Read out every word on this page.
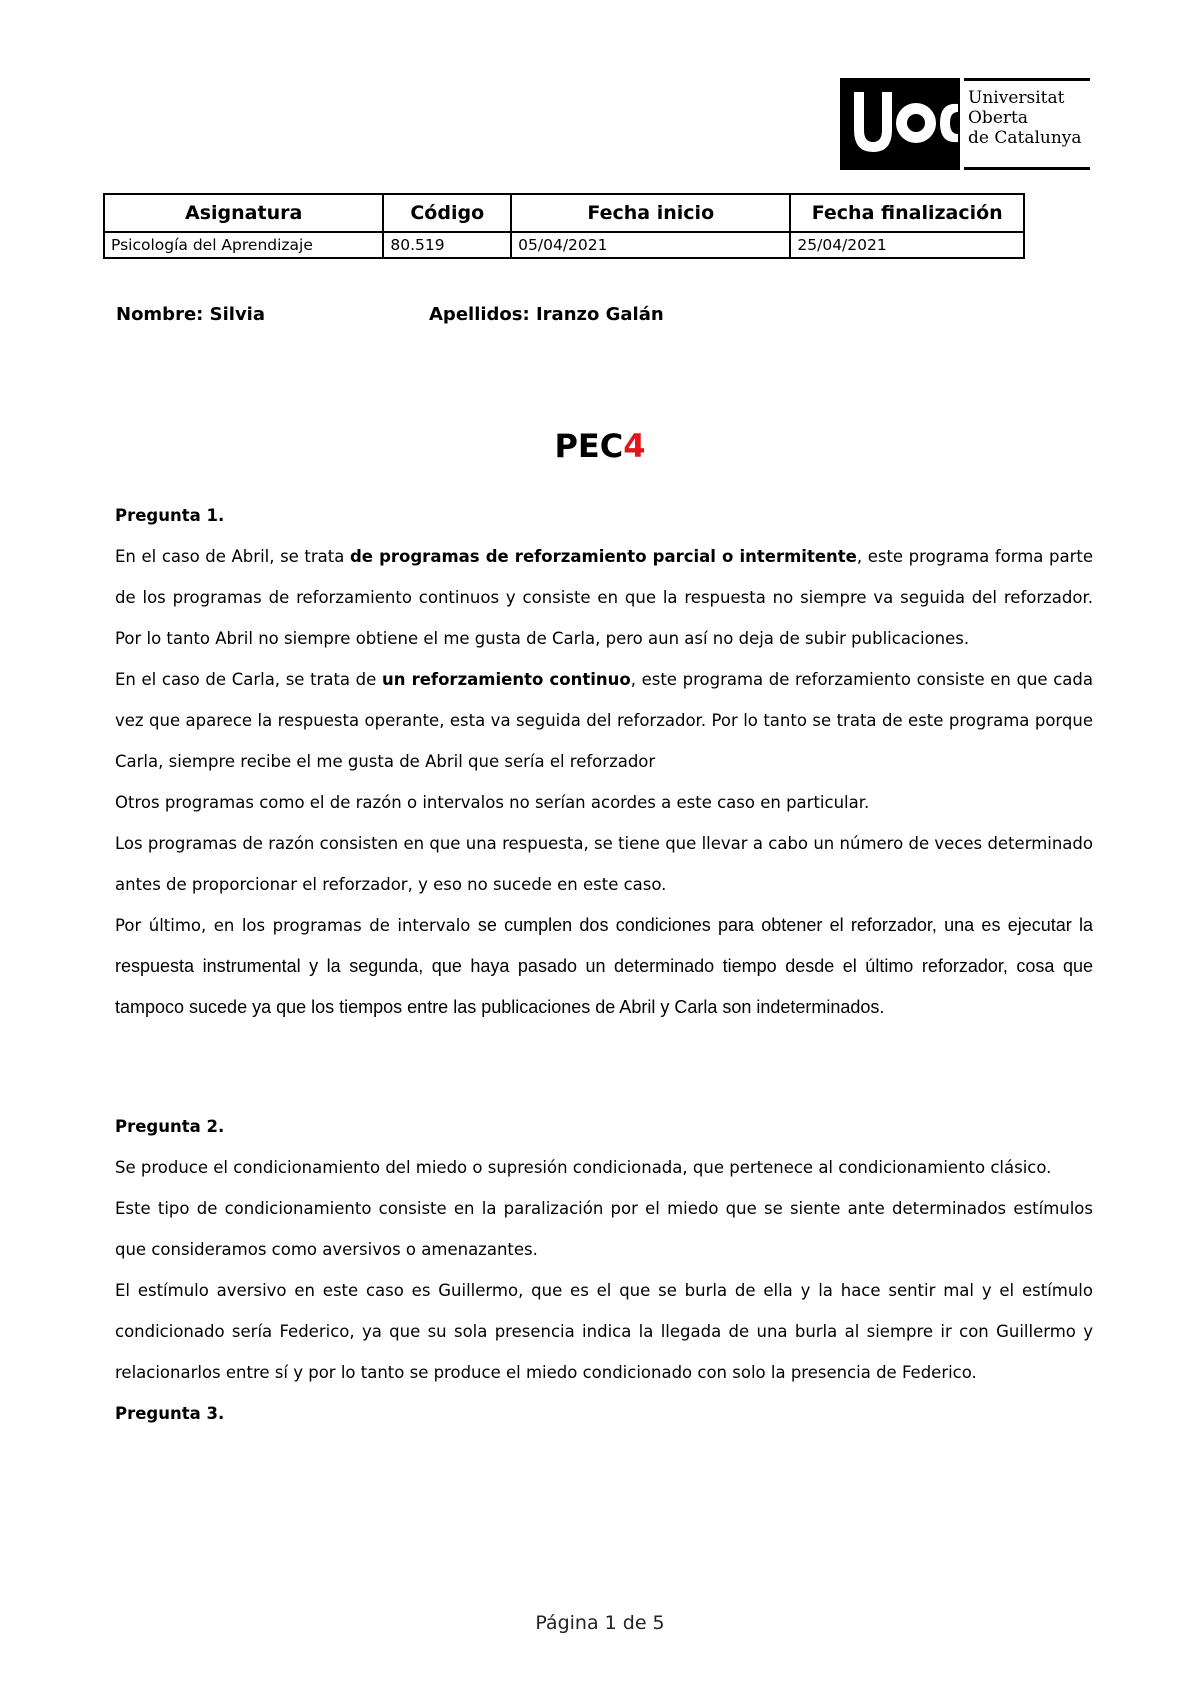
Universitat
Oberta
de Catalunya
Asignatura	Código	Fecha inicio	Fecha finalización
Psicología del Aprendizaje	80.519	05/04/2021	25/04/2021
Nombre: Silvia	Apellidos: Iranzo Galán
PEC4

Pregunta 1.

En el caso de Abril, se trata de programas de reforzamiento parcial o intermitente, este programa forma parte de los programas de reforzamiento continuos y consiste en que la respuesta no siempre va seguida del reforzador. Por lo tanto Abril no siempre obtiene el me gusta de Carla, pero aun así no deja de subir publicaciones.

En el caso de Carla, se trata de un reforzamiento continuo, este programa de reforzamiento consiste en que cada vez que aparece la respuesta operante, esta va seguida del reforzador. Por lo tanto se trata de este programa porque Carla, siempre recibe el me gusta de Abril que sería el reforzador

Otros programas como el de razón o intervalos no serían acordes a este caso en particular.

Los programas de razón consisten en que una respuesta, se tiene que llevar a cabo un número de veces determinado antes de proporcionar el reforzador, y eso no sucede en este caso.

Por último, en los programas de intervalo se cumplen dos condiciones para obtener el reforzador, una es ejecutar la respuesta instrumental y la segunda, que haya pasado un determinado tiempo desde el último reforzador, cosa que tampoco sucede ya que los tiempos entre las publicaciones de Abril y Carla son indeterminados.

Pregunta 2.

Se produce el condicionamiento del miedo o supresión condicionada, que pertenece al condicionamiento clásico.

Este tipo de condicionamiento consiste en la paralización por el miedo que se siente ante determinados estímulos que consideramos como aversivos o amenazantes.

El estímulo aversivo en este caso es Guillermo, que es el que se burla de ella y la hace sentir mal y el estímulo condicionado sería Federico, ya que su sola presencia indica la llegada de una burla al siempre ir con Guillermo y relacionarlos entre sí y por lo tanto se produce el miedo condicionado con solo la presencia de Federico.

Pregunta 3.

Página 1 de 5
